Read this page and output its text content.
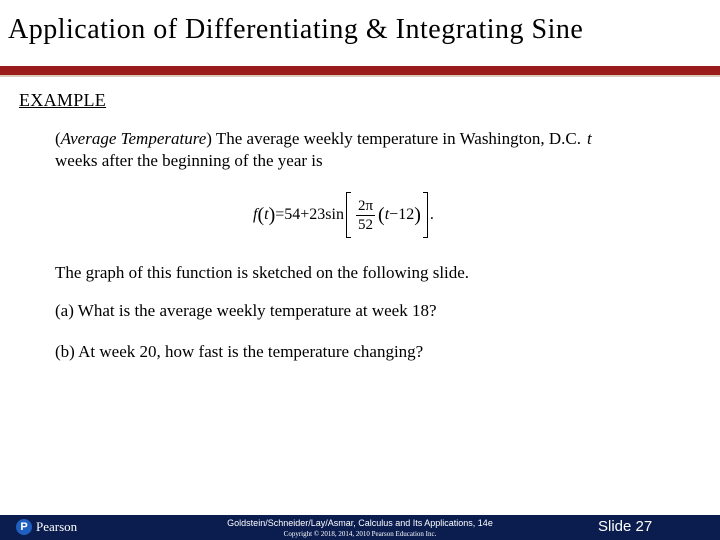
Application of Differentiating & Integrating Sine
EXAMPLE
(Average Temperature) The average weekly temperature in Washington, D.C. t
weeks after the beginning of the year is
f ( t ) $=54+23\sin \frac{2\pi}{52}$ ( t −12 ) .
The graph of this function is sketched on the following slide.
(a) What is the average weekly temperature at week 18?
(b) At week 20, how fast is the temperature changing?
P Pearson	Goldstein/Schneider/Lay/Asmar, Calculus and Its Applications, 14e
Copyright © 2018, 2014, 2010 Pearson Education Inc.	Slide 27
